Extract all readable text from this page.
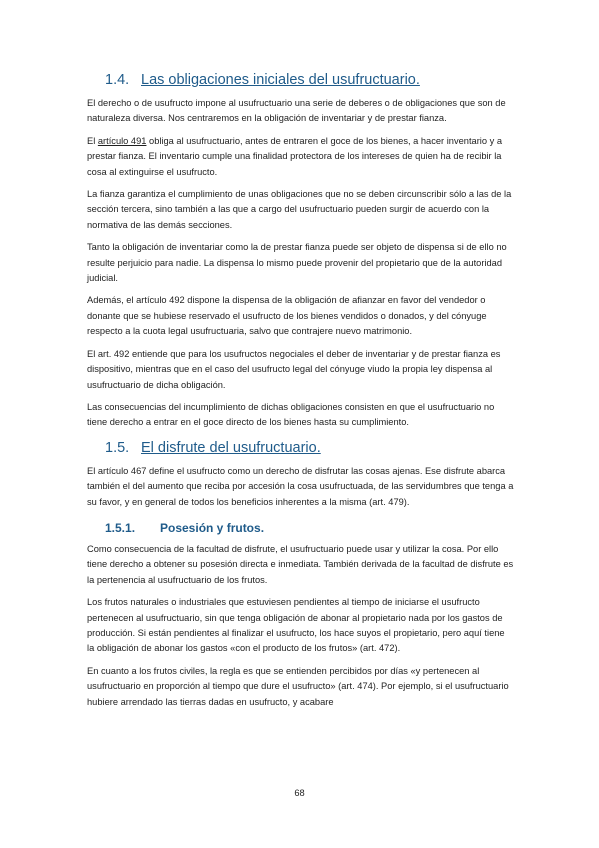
1.4. Las obligaciones iniciales del usufructuario.

El derecho o de usufructo impone al usufructuario una serie de deberes o de obligaciones que son de naturaleza diversa. Nos centraremos en la obligación de inventariar y de prestar fianza.

El artículo 491 obliga al usufructuario, antes de entraren el goce de los bienes, a hacer inventario y a prestar fianza. El inventario cumple una finalidad protectora de los intereses de quien ha de recibir la cosa al extinguirse el usufructo.

La fianza garantiza el cumplimiento de unas obligaciones que no se deben circunscribir sólo a las de la sección tercera, sino también a las que a cargo del usufructuario pueden surgir de acuerdo con la normativa de las demás secciones.

Tanto la obligación de inventariar como la de prestar fianza puede ser objeto de dispensa si de ello no resulte perjuicio para nadie. La dispensa lo mismo puede provenir del propietario que de la autoridad judicial.

Además, el artículo 492 dispone la dispensa de la obligación de afianzar en favor del vendedor o donante que se hubiese reservado el usufructo de los bienes vendidos o donados, y del cónyuge respecto a la cuota legal usufructuaria, salvo que contrajere nuevo matrimonio.

El art. 492 entiende que para los usufructos negociales el deber de inventariar y de prestar fianza es dispositivo, mientras que en el caso del usufructo legal del cónyuge viudo la propia ley dispensa al usufructuario de dicha obligación.

Las consecuencias del incumplimiento de dichas obligaciones consisten en que el usufructuario no tiene derecho a entrar en el goce directo de los bienes hasta su cumplimiento.

1.5. El disfrute del usufructuario.

El artículo 467 define el usufructo como un derecho de disfrutar las cosas ajenas. Ese disfrute abarca también el del aumento que reciba por accesión la cosa usufructuada, de las servidumbres que tenga a su favor, y en general de todos los beneficios inherentes a la misma (art. 479).

1.5.1. Posesión y frutos.

Como consecuencia de la facultad de disfrute, el usufructuario puede usar y utilizar la cosa. Por ello tiene derecho a obtener su posesión directa e inmediata. También derivada de la facultad de disfrute es la pertenencia al usufructuario de los frutos.

Los frutos naturales o industriales que estuviesen pendientes al tiempo de iniciarse el usufructo pertenecen al usufructuario, sin que tenga obligación de abonar al propietario nada por los gastos de producción. Si están pendientes al finalizar el usufructo, los hace suyos el propietario, pero aquí tiene la obligación de abonar los gastos «con el producto de los frutos» (art. 472).

En cuanto a los frutos civiles, la regla es que se entienden percibidos por días «y pertenecen al usufructuario en proporción al tiempo que dure el usufructo» (art. 474). Por ejemplo, si el usufructuario hubiere arrendado las tierras dadas en usufructo, y acabare

68
